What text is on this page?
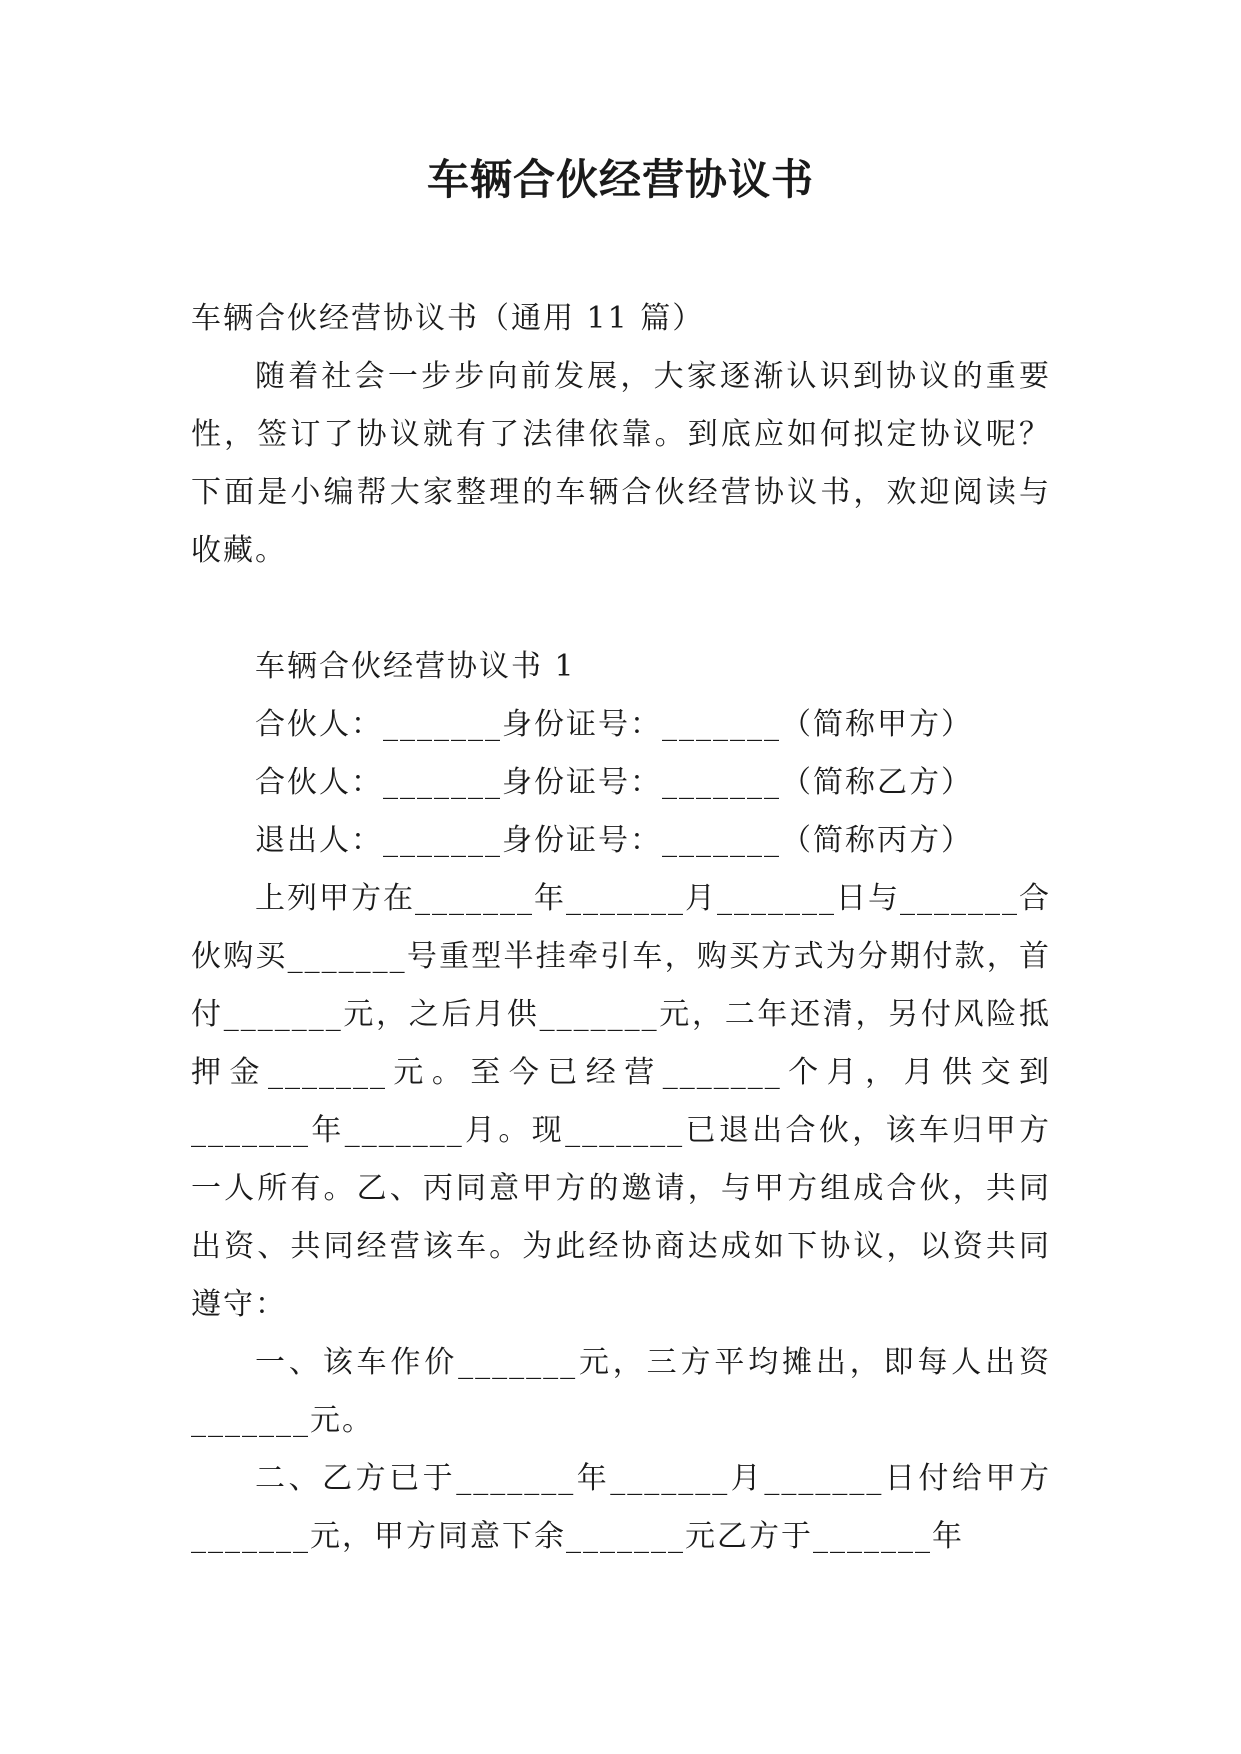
车辆合伙经营协议书

车辆合伙经营协议书（通用 11 篇）

随着社会一步步向前发展，大家逐渐认识到协议的重要性，签订了协议就有了法律依靠。到底应如何拟定协议呢？下面是小编帮大家整理的车辆合伙经营协议书，欢迎阅读与收藏。

车辆合伙经营协议书 1

合伙人：_______身份证号：_______（简称甲方）

合伙人：_______身份证号：_______（简称乙方）

退出人：_______身份证号：_______（简称丙方）

上列甲方在_______年_______月_______日与_______合伙购买_______号重型半挂牵引车，购买方式为分期付款，首付_______元，之后月供_______元，二年还清，另付风险抵押金_______元。至今已经营_______个月，月供交到_______年_______月。现_______已退出合伙，该车归甲方一人所有。乙、丙同意甲方的邀请，与甲方组成合伙，共同出资、共同经营该车。为此经协商达成如下协议，以资共同遵守：

一、该车作价_______元，三方平均摊出，即每人出资_______元。

二、乙方已于_______年_______月_______日付给甲方_______元，甲方同意下余_______元乙方于_______年
